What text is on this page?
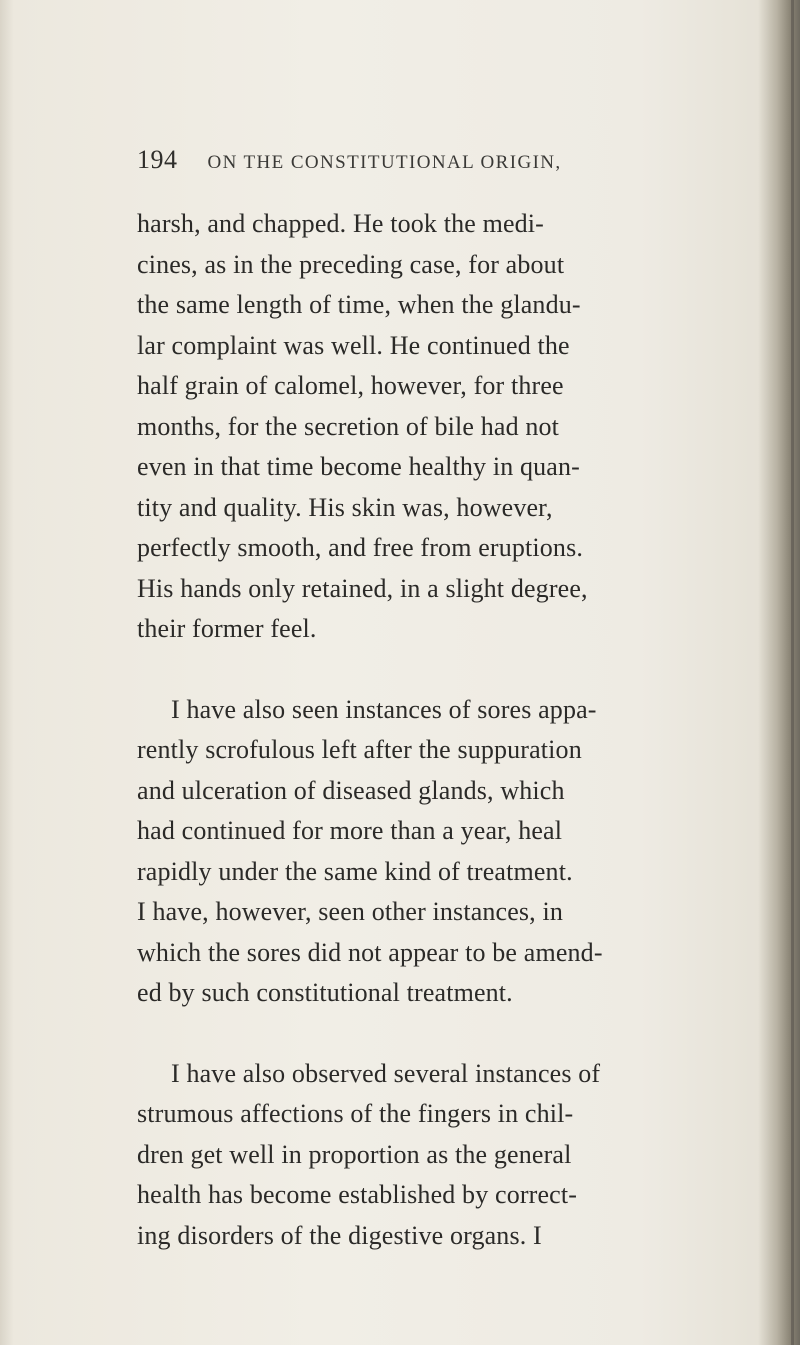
194 ON THE CONSTITUTIONAL ORIGIN,
harsh, and chapped. He took the medi-
cines, as in the preceding case, for about
the same length of time, when the glandu-
lar complaint was well. He continued the
half grain of calomel, however, for three
months, for the secretion of bile had not
even in that time become healthy in quan-
tity and quality. His skin was, however,
perfectly smooth, and free from eruptions.
His hands only retained, in a slight degree,
their former feel.
I have also seen instances of sores appa-
rently scrofulous left after the suppuration
and ulceration of diseased glands, which
had continued for more than a year, heal
rapidly under the same kind of treatment.
I have, however, seen other instances, in
which the sores did not appear to be amend-
ed by such constitutional treatment.
I have also observed several instances of
strumous affections of the fingers in chil-
dren get well in proportion as the general
health has become established by correct-
ing disorders of the digestive organs. I
